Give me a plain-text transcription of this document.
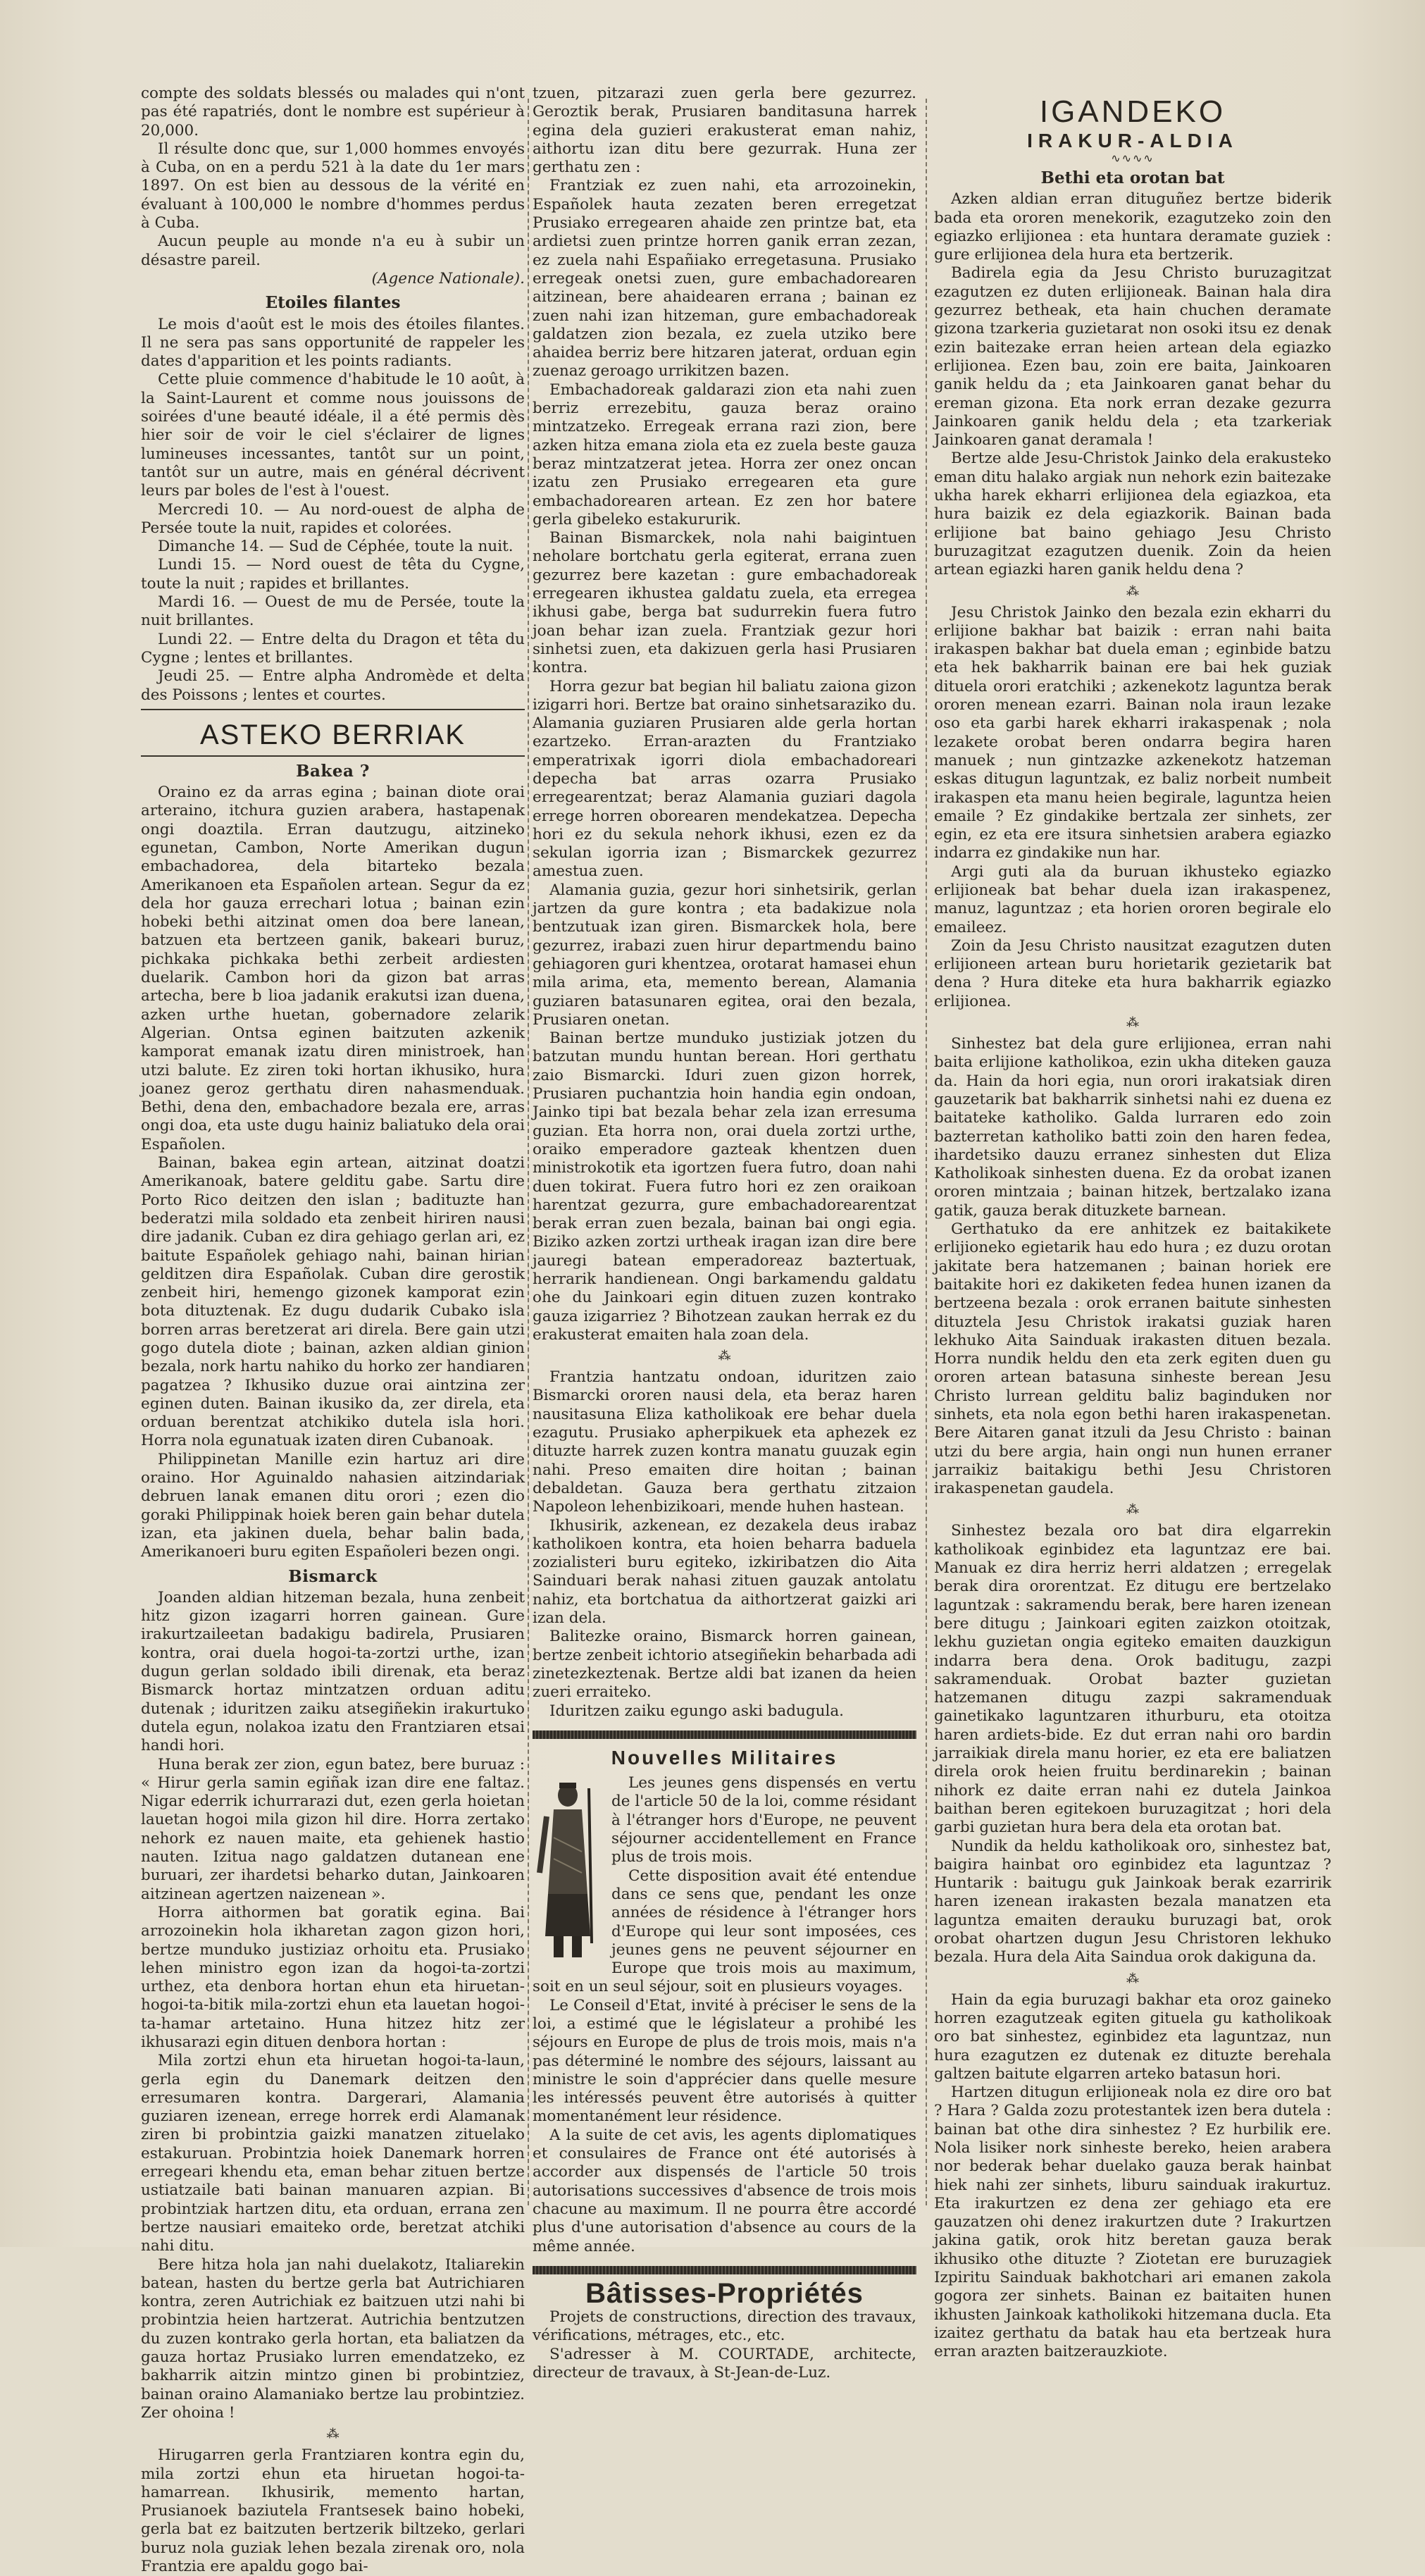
compte des soldats blessés ou malades qui n'ont pas été rapatriés, dont le nombre est supérieur à 20,000.

Il résulte donc que, sur 1,000 hommes envoyés à Cuba, on en a perdu 521 à la date du 1er mars 1897. On est bien au dessous de la vérité en évaluant à 100,000 le nombre d'hommes perdus à Cuba.

Aucun peuple au monde n'a eu à subir un désastre pareil.

(Agence Nationale).
Etoiles filantes

Le mois d'août est le mois des étoiles filantes. Il ne sera pas sans opportunité de rappeler les dates d'apparition et les points radiants.

Cette pluie commence d'habitude le 10 août, à la Saint-Laurent et comme nous jouissons de soirées d'une beauté idéale, il a été permis dès hier soir de voir le ciel s'éclairer de lignes lumineuses incessantes, tantôt sur un point, tantôt sur un autre, mais en général décrivent leurs par boles de l'est à l'ouest.

Mercredi 10. — Au nord-ouest de alpha de Persée toute la nuit, rapides et colorées.

Dimanche 14. — Sud de Céphée, toute la nuit.

Lundi 15. — Nord ouest de têta du Cygne, toute la nuit ; rapides et brillantes.

Mardi 16. — Ouest de mu de Persée, toute la nuit brillantes.

Lundi 22. — Entre delta du Dragon et têta du Cygne ; lentes et brillantes.

Jeudi 25. — Entre alpha Andromède et delta des Poissons ; lentes et courtes.

ASTEKO BERRIAK
Bakea ?

Oraino ez da arras egina ; bainan diote orai arteraino, itchura guzien arabera, hastapenak ongi doaztila. Erran dautzugu, aitzineko egunetan, Cambon, Norte Amerikan dugun embachadorea, dela bitarteko bezala Amerikanoen eta Españolen artean. Segur da ez dela hor gauza errechari lotua ; bainan ezin hobeki bethi aitzinat omen doa bere lanean, batzuen eta bertzeen ganik, bakeari buruz, pichkaka pichkaka bethi zerbeit ardiesten duelarik. Cambon hori da gizon bat arras artecha, bere b lioa jadanik erakutsi izan duena, azken urthe huetan, gobernadore zelarik Algerian. Ontsa eginen baitzuten azkenik kamporat emanak izatu diren ministroek, han utzi balute. Ez ziren toki hortan ikhusiko, hura joanez geroz gerthatu diren nahasmenduak. Bethi, dena den, embachadore bezala ere, arras ongi doa, eta uste dugu hainiz baliatuko dela orai Españolen.

Bainan, bakea egin artean, aitzinat doatzi Amerikanoak, batere gelditu gabe. Sartu dire Porto Rico deitzen den islan ; badituzte han bederatzi mila soldado eta zenbeit hiriren nausi dire jadanik. Cuban ez dira gehiago gerlan ari, ez baitute Españolek gehiago nahi, bainan hirian gelditzen dira Españolak. Cuban dire gerostik zenbeit hiri, hemengo gizonek kamporat ezin bota dituztenak. Ez dugu dudarik Cubako isla borren arras beretzerat ari direla. Bere gain utzi gogo dutela diote ; bainan, azken aldian ginion bezala, nork hartu nahiko du horko zer handiaren pagatzea ? Ikhusiko duzue orai aintzina zer eginen duten. Bainan ikusiko da, zer direla, eta orduan berentzat atchikiko dutela isla hori. Horra nola egunatuak izaten diren Cubanoak.

Philippinetan Manille ezin hartuz ari dire oraino. Hor Aguinaldo nahasien aitzindariak debruen lanak emanen ditu orori ; ezen dio goraki Philippinak hoiek beren gain behar dutela izan, eta jakinen duela, behar balin bada, Amerikanoeri buru egiten Españoleri bezen ongi.

Bismarck

Joanden aldian hitzeman bezala, huna zenbeit hitz gizon izagarri horren gainean. Gure irakurtzaileetan badakigu badirela, Prusiaren kontra, orai duela hogoi-ta-zortzi urthe, izan dugun gerlan soldado ibili direnak, eta beraz Bismarck hortaz mintzatzen orduan aditu dutenak ; iduritzen zaiku atsegiñekin irakurtuko dutela egun, nolakoa izatu den Frantziaren etsai handi hori.

Huna berak zer zion, egun batez, bere buruaz : « Hirur gerla samin egiñak izan dire ene faltaz. Nigar ederrik ichurrarazi dut, ezen gerla hoietan lauetan hogoi mila gizon hil dire. Horra zertako nehork ez nauen maite, eta gehienek hastio nauten. Izitua nago galdatzen dutanean ene buruari, zer ihardetsi beharko dutan, Jainkoaren aitzinean agertzen naizenean ».

Horra aithormen bat goratik egina. Bai arrozoinekin hola ikharetan zagon gizon hori, bertze munduko justiziaz orhoitu eta. Prusiako lehen ministro egon izan da hogoi-ta-zortzi urthez, eta denbora hortan ehun eta hiruetan-hogoi-ta-bitik mila-zortzi ehun eta lauetan hogoi-ta-hamar artetaino. Huna hitzez hitz zer ikhusarazi egin dituen denbora hortan :

Mila zortzi ehun eta hiruetan hogoi-ta-laun, gerla egin du Danemark deitzen den erresumaren kontra. Dargerari, Alamania guziaren izenean, errege horrek erdi Alamanak ziren bi probintzia gaizki manatzen zituelako estakuruan. Probintzia hoiek Danemark horren erregeari khendu eta, eman behar zituen bertze ustiatzaile bati bainan manuaren azpian. Bi probintziak hartzen ditu, eta orduan, errana zen bertze nausiari emaiteko orde, beretzat atchiki nahi ditu.

Bere hitza hola jan nahi duelakotz, Italiarekin batean, hasten du bertze gerla bat Autrichiaren kontra, zeren Autrichiak ez baitzuen utzi nahi bi probintzia heien hartzerat. Autrichia bentzutzen du zuzen kontrako gerla hortan, eta baliatzen da gauza hortaz Prusiako lurren emendatzeko, ez bakharrik aitzin mintzo ginen bi probintziez, bainan oraino Alamaniako bertze lau probintziez. Zer ohoina !

⁂

Hirugarren gerla Frantziaren kontra egin du, mila zortzi ehun eta hiruetan hogoi-ta-hamarrean. Ikhusirik, memento hartan, Prusianoek baziutela Frantsesek baino hobeki, gerla bat ez baitzuten bertzerik biltzeko, gerlari buruz nola guziak lehen bezala zirenak oro, nola Frantzia ere apaldu gogo bai-

tzuen, pitzarazi zuen gerla bere gezurrez. Geroztik berak, Prusiaren banditasuna harrek egina dela guzieri erakusterat eman nahiz, aithortu izan ditu bere gezurrak. Huna zer gerthatu zen :

Frantziak ez zuen nahi, eta arrozoinekin, Españolek hauta zezaten beren erregetzat Prusiako erregearen ahaide zen printze bat, eta ardietsi zuen printze horren ganik erran zezan, ez zuela nahi Españiako erregetasuna. Prusiako erregeak onetsi zuen, gure embachadorearen aitzinean, bere ahaidearen errana ; bainan ez zuen nahi izan hitzeman, gure embachadoreak galdatzen zion bezala, ez zuela utziko bere ahaidea berriz bere hitzaren jaterat, orduan egin zuenaz geroago urrikitzen bazen.

Embachadoreak galdarazi zion eta nahi zuen berriz errezebitu, gauza beraz oraino mintzatzeko. Erregeak errana razi zion, bere azken hitza emana ziola eta ez zuela beste gauza beraz mintzatzerat jetea. Horra zer onez oncan izatu zen Prusiako erregearen eta gure embachadorearen artean. Ez zen hor batere gerla gibeleko estakururik.

Bainan Bismarckek, nola nahi baigintuen neholare bortchatu gerla egiterat, errana zuen gezurrez bere kazetan : gure embachadoreak erregearen ikhustea galdatu zuela, eta erregea ikhusi gabe, berga bat sudurrekin fuera futro joan behar izan zuela. Frantziak gezur hori sinhetsi zuen, eta dakizuen gerla hasi Prusiaren kontra.

Horra gezur bat begian hil baliatu zaiona gizon izigarri hori. Bertze bat oraino sinhetsaraziko du. Alamania guziaren Prusiaren alde gerla hortan ezartzeko. Erran-arazten du Frantziako emperatrixak igorri diola embachadoreari depecha bat arras ozarra Prusiako erregearentzat; beraz Alamania guziari dagola errege horren oborearen mendekatzea. Depecha hori ez du sekula nehork ikhusi, ezen ez da sekulan igorria izan ; Bismarckek gezurrez amestua zuen.

Alamania guzia, gezur hori sinhetsirik, gerlan jartzen da gure kontra ; eta badakizue nola bentzutuak izan giren. Bismarckek hola, bere gezurrez, irabazi zuen hirur departmendu baino gehiagoren guri khentzea, orotarat hamasei ehun mila arima, eta, memento berean, Alamania guziaren batasunaren egitea, orai den bezala, Prusiaren onetan.

Bainan bertze munduko justiziak jotzen du batzutan mundu huntan berean. Hori gerthatu zaio Bismarcki. Iduri zuen gizon horrek, Prusiaren puchantzia hoin handia egin ondoan, Jainko tipi bat bezala behar zela izan erresuma guzian. Eta horra non, orai duela zortzi urthe, oraiko emperadore gazteak khentzen duen ministrokotik eta igortzen fuera futro, doan nahi duen tokirat. Fuera futro hori ez zen oraikoan harentzat gezurra, gure embachadorearentzat berak erran zuen bezala, bainan bai ongi egia. Biziko azken zortzi urtheak iragan izan dire bere jauregi batean emperadoreaz baztertuak, herrarik handienean. Ongi barkamendu galdatu ohe du Jainkoari egin dituen zuzen kontrako gauza izigarriez ? Bihotzean zaukan herrak ez du erakusterat emaiten hala zoan dela.

⁂

Frantzia hantzatu ondoan, iduritzen zaio Bismarcki ororen nausi dela, eta beraz haren nausitasuna Eliza katholikoak ere behar duela ezagutu. Prusiako apherpikuek eta aphezek ez dituzte harrek zuzen kontra manatu guuzak egin nahi. Preso emaiten dire hoitan ; bainan debaldetan. Gauza bera gerthatu zitzaion Napoleon lehenbizikoari, mende huhen hastean.

Ikhusirik, azkenean, ez dezakela deus irabaz katholikoen kontra, eta hoien beharra baduela zozialisteri buru egiteko, izkiribatzen dio Aita Sainduari berak nahasi zituen gauzak antolatu nahiz, eta bortchatua da aithortzerat gaizki ari izan dela.

Balitezke oraino, Bismarck horren gainean, bertze zenbeit ichtorio atsegiñekin beharbada adi zinetezkeztenak. Bertze aldi bat izanen da heien zueri erraiteko.

Iduritzen zaiku egungo aski badugula.

Nouvelles Militaires

Les jeunes gens dispensés en vertu de l'article 50 de la loi, comme résidant à l'étranger hors d'Europe, ne peuvent séjourner accidentellement en France plus de trois mois.

Cette disposition avait été entendue dans ce sens que, pendant les onze années de résidence à l'étranger hors d'Europe qui leur sont imposées, ces jeunes gens ne peuvent séjourner en Europe que trois mois au maximum, soit en un seul séjour, soit en plusieurs voyages.

Le Conseil d'Etat, invité à préciser le sens de la loi, a estimé que le législateur a prohibé les séjours en Europe de plus de trois mois, mais n'a pas déterminé le nombre des séjours, laissant au ministre le soin d'apprécier dans quelle mesure les intéressés peuvent être autorisés à quitter momentanément leur résidence.

A la suite de cet avis, les agents diplomatiques et consulaires de France ont été autorisés à accorder aux dispensés de l'article 50 trois autorisations successives d'absence de trois mois chacune au maximum. Il ne pourra être accordé plus d'une autorisation d'absence au cours de la même année.

Bâtisses-Propriétés

Projets de constructions, direction des travaux, vérifications, métrages, etc., etc.

S'adresser à M. COURTADE, architecte, directeur de travaux, à St-Jean-de-Luz.

IGANDEKO
IRAKUR-ALDIA
∿∿∿∿
Bethi eta orotan bat

Azken aldian erran dituguñez bertze biderik bada eta ororen menekorik, ezagutzeko zoin den egiazko erlijionea : eta huntara deramate guziek : gure erlijionea dela hura eta bertzerik.

Badirela egia da Jesu Christo buruzagitzat ezagutzen ez duten erlijioneak. Bainan hala dira gezurrez betheak, eta hain chuchen deramate gizona tzarkeria guzietarat non osoki itsu ez denak ezin baitezake erran heien artean dela egiazko erlijionea. Ezen bau, zoin ere baita, Jainkoaren ganik heldu da ; eta Jainkoaren ganat behar du ereman gizona. Eta nork erran dezake gezurra Jainkoaren ganik heldu dela ; eta tzarkeriak Jainkoaren ganat deramala !

Bertze alde Jesu-Christok Jainko dela erakusteko eman ditu halako argiak nun nehork ezin baitezake ukha harek ekharri erlijionea dela egiazkoa, eta hura baizik ez dela egiazkorik. Bainan bada erlijione bat baino gehiago Jesu Christo buruzagitzat ezagutzen duenik. Zoin da heien artean egiazki haren ganik heldu dena ?

⁂

Jesu Christok Jainko den bezala ezin ekharri du erlijione bakhar bat baizik : erran nahi baita irakaspen bakhar bat duela eman ; eginbide batzu eta hek bakharrik bainan ere bai hek guziak dituela orori eratchiki ; azkenekotz laguntza berak ororen menean ezarri. Bainan nola iraun lezake oso eta garbi harek ekharri irakaspenak ; nola lezakete orobat beren ondarra begira haren manuek ; nun gintzazke azkenekotz hatzeman eskas ditugun laguntzak, ez baliz norbeit numbeit irakaspen eta manu heien begirale, laguntza heien emaile ? Ez gindakike bertzala zer sinhets, zer egin, ez eta ere itsura sinhetsien arabera egiazko indarra ez gindakike nun har.

Argi guti ala da buruan ikhusteko egiazko erlijioneak bat behar duela izan irakaspenez, manuz, laguntzaz ; eta horien ororen begirale elo emaileez.

Zoin da Jesu Christo nausitzat ezagutzen duten erlijioneen artean buru horietarik gezietarik bat dena ? Hura diteke eta hura bakharrik egiazko erlijionea.

⁂

Sinhestez bat dela gure erlijionea, erran nahi baita erlijione katholikoa, ezin ukha diteken gauza da. Hain da hori egia, nun orori irakatsiak diren gauzetarik bat bakharrik sinhetsi nahi ez duena ez baitateke katholiko. Galda lurraren edo zoin bazterretan katholiko batti zoin den haren fedea, ihardetsiko dauzu erranez sinhesten dut Eliza Katholikoak sinhesten duena. Ez da orobat izanen ororen mintzaia ; bainan hitzek, bertzalako izana gatik, gauza berak dituzkete barnean.

Gerthatuko da ere anhitzek ez baitakikete erlijioneko egietarik hau edo hura ; ez duzu orotan jakitate bera hatzemanen ; bainan horiek ere baitakite hori ez dakiketen fedea hunen izanen da bertzeena bezala : orok erranen baitute sinhesten dituztela Jesu Christok irakatsi guziak haren lekhuko Aita Sainduak irakasten dituen bezala. Horra nundik heldu den eta zerk egiten duen gu ororen artean batasuna sinheste berean Jesu Christo lurrean gelditu baliz baginduken nor sinhets, eta nola egon bethi haren irakaspenetan. Bere Aitaren ganat itzuli da Jesu Christo : bainan utzi du bere argia, hain ongi nun hunen erraner jarraikiz baitakigu bethi Jesu Christoren irakaspenetan gaudela.

⁂

Sinhestez bezala oro bat dira elgarrekin katholikoak eginbidez eta laguntzaz ere bai. Manuak ez dira herriz herri aldatzen ; erregelak berak dira ororentzat. Ez ditugu ere bertzelako laguntzak : sakramendu berak, bere haren izenean bere ditugu ; Jainkoari egiten zaizkon otoitzak, lekhu guzietan ongia egiteko emaiten dauzkigun indarra bera dena. Orok baditugu, zazpi sakramenduak. Orobat bazter guzietan hatzemanen ditugu zazpi sakramenduak gainetikako laguntzaren ithurburu, eta otoitza haren ardiets-bide. Ez dut erran nahi oro bardin jarraikiak direla manu horier, ez eta ere baliatzen direla orok heien fruitu berdinarekin ; bainan nihork ez daite erran nahi ez dutela Jainkoa baithan beren egitekoen buruzagitzat ; hori dela garbi guzietan hura bera dela eta orotan bat.

Nundik da heldu katholikoak oro, sinhestez bat, baigira hainbat oro eginbidez eta laguntzaz ? Huntarik : baitugu guk Jainkoak berak ezarririk haren izenean irakasten bezala manatzen eta laguntza emaiten derauku buruzagi bat, orok orobat ohartzen dugun Jesu Christoren lekhuko bezala. Hura dela Aita Saindua orok dakiguna da.

⁂

Hain da egia buruzagi bakhar eta oroz gaineko horren ezagutzeak egiten gituela gu katholikoak oro bat sinhestez, eginbidez eta laguntzaz, nun hura ezagutzen ez dutenak ez dituzte berehala galtzen baitute elgarren arteko batasun hori.

Hartzen ditugun erlijioneak nola ez dire oro bat ? Hara ? Galda zozu protestantek izen bera dutela : bainan bat othe dira sinhestez ? Ez hurbilik ere. Nola lisiker nork sinheste bereko, heien arabera nor bederak behar duelako gauza berak hainbat hiek nahi zer sinhets, liburu sainduak irakurtuz. Eta irakurtzen ez dena zer gehiago eta ere gauzatzen ohi denez irakurtzen dute ? Irakurtzen jakina gatik, orok hitz beretan gauza berak ikhusiko othe dituzte ? Ziotetan ere buruzagiek Izpiritu Sainduak bakhotchari ari emanen zakola gogora zer sinhets. Bainan ez baitaiten hunen ikhusten Jainkoak katholikoki hitzemana ducla. Eta izaitez gerthatu da batak hau eta bertzeak hura erran arazten baitzerauzkiote.
